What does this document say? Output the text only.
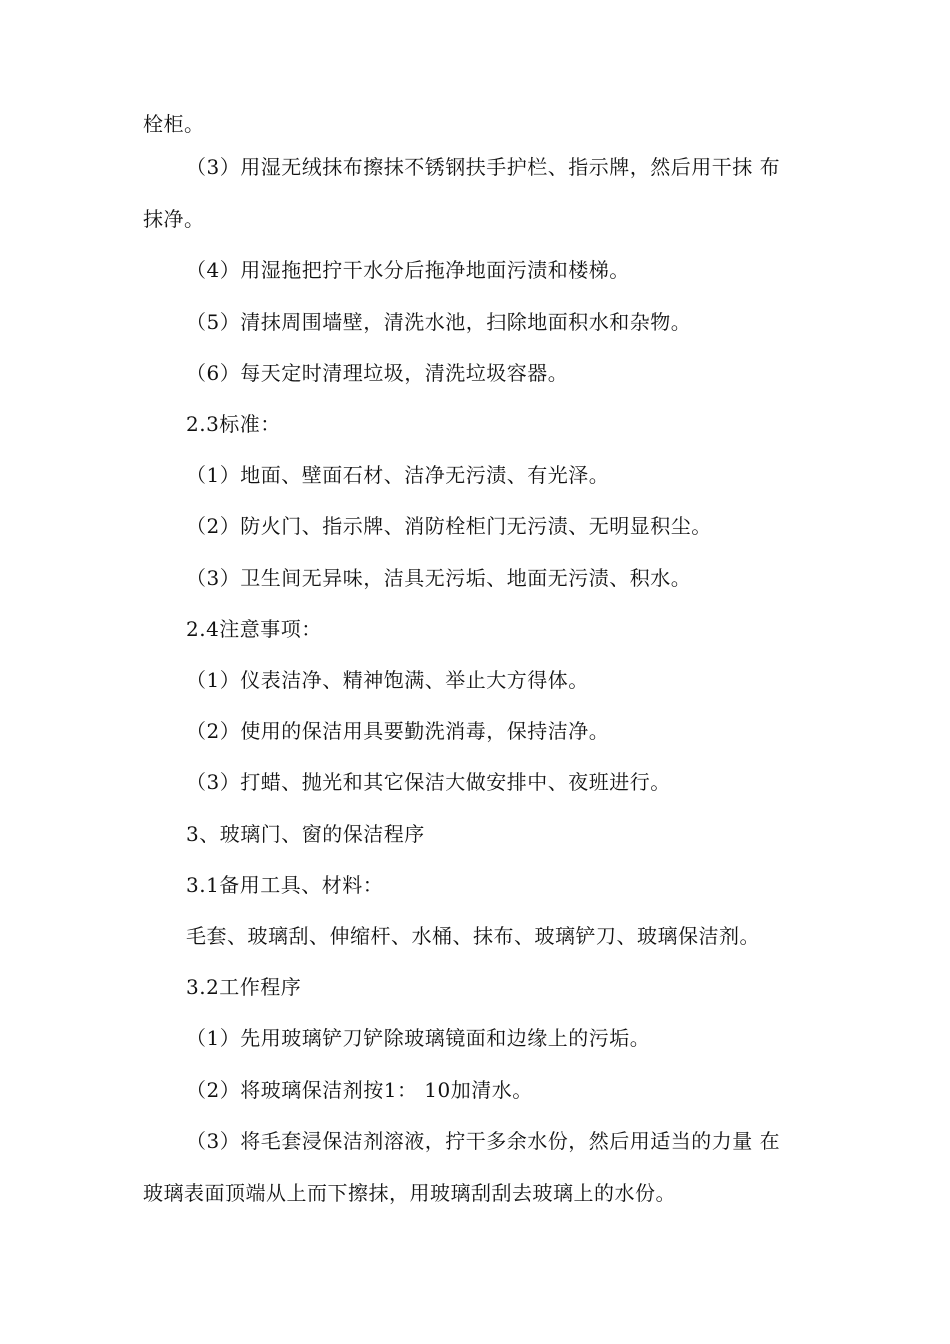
栓柜。
（3）用湿无绒抹布擦抹不锈钢扶手护栏、指示牌，然后用干抹 布
抹净。
（4）用湿拖把拧干水分后拖净地面污渍和楼梯。
（5）清抹周围墙壁，清洗水池，扫除地面积水和杂物。
（6）每天定时清理垃圾，清洗垃圾容器。
2.3标准：
（1）地面、壁面石材、洁净无污渍、有光泽。
（2）防火门、指示牌、消防栓柜门无污渍、无明显积尘。
（3）卫生间无异味，洁具无污垢、地面无污渍、积水。
2.4注意事项：
（1）仪表洁净、精神饱满、举止大方得体。
（2）使用的保洁用具要勤洗消毒，保持洁净。
（3）打蜡、抛光和其它保洁大做安排中、夜班进行。
3、玻璃门、窗的保洁程序
3.1备用工具、材料：
毛套、玻璃刮、伸缩杆、水桶、抹布、玻璃铲刀、玻璃保洁剂。
3.2工作程序
（1）先用玻璃铲刀铲除玻璃镜面和边缘上的污垢。
（2）将玻璃保洁剂按1： 10加清水。
（3）将毛套浸保洁剂溶液，拧干多余水份，然后用适当的力量 在
玻璃表面顶端从上而下擦抹，用玻璃刮刮去玻璃上的水份。
